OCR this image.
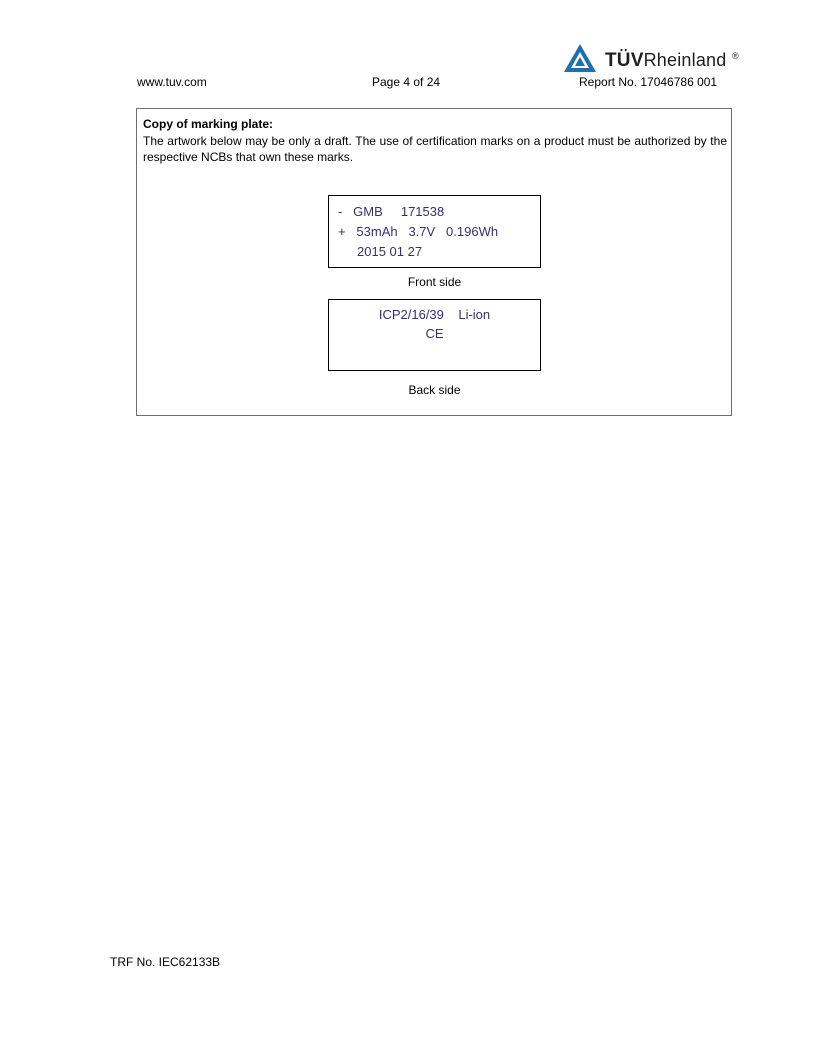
www.tuv.com	Page 4 of 24	Report No. 17046786 001
TÜVRheinland ®
Copy of marking plate:
The artwork below may be only a draft. The use of certification marks on a product must be authorized by the respective NCBs that own these marks.
-   GMB     171538
+   53mAh   3.7V   0.196Wh
2015 01 27
Front side
ICP2/16/39    Li-ion
CE
Back side
TRF No. IEC62133B
